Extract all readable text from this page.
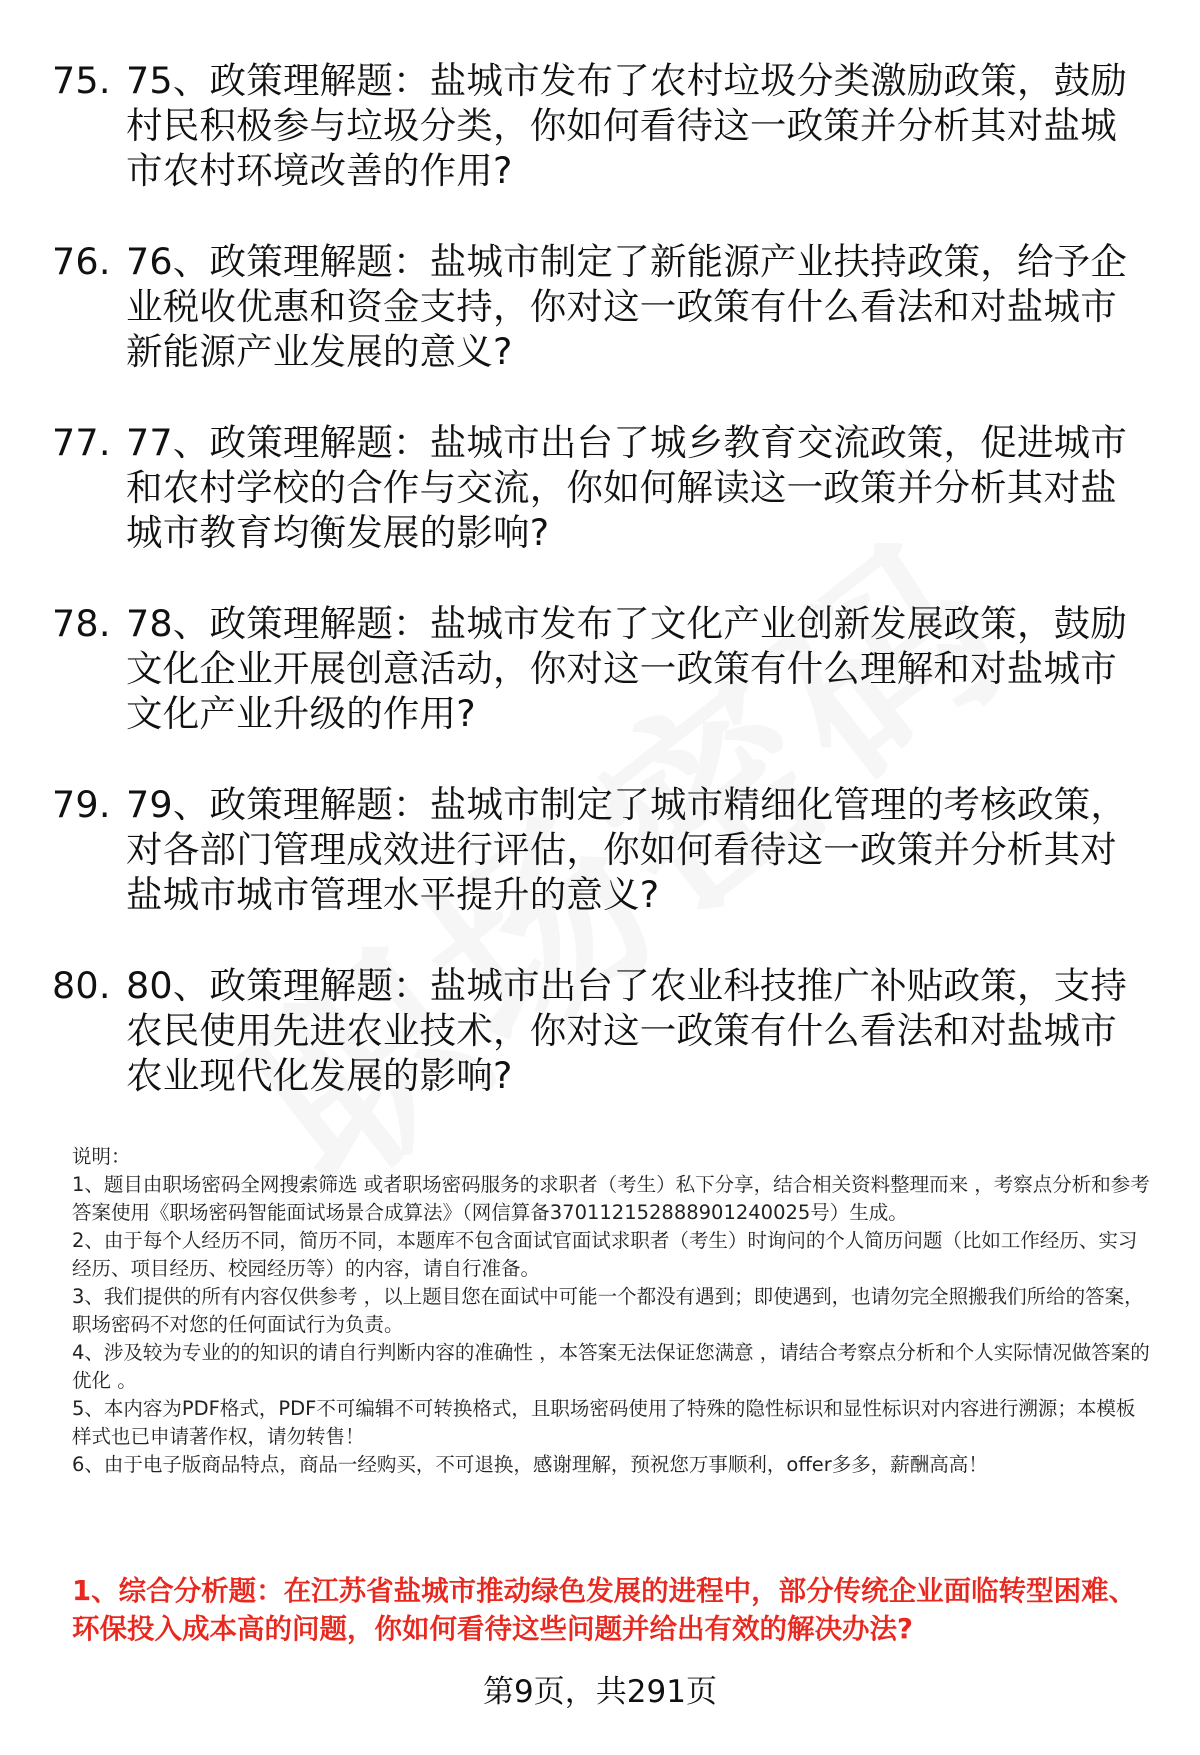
75. 75、政策理解题：盐城市发布了农村垃圾分类激励政策，鼓励村民积极参与垃圾分类，你如何看待这一政策并分析其对盐城市农村环境改善的作用?
76. 76、政策理解题：盐城市制定了新能源产业扶持政策，给予企业税收优惠和资金支持，你对这一政策有什么看法和对盐城市新能源产业发展的意义?
77. 77、政策理解题：盐城市出台了城乡教育交流政策，促进城市和农村学校的合作与交流，你如何解读这一政策并分析其对盐城市教育均衡发展的影响?
78. 78、政策理解题：盐城市发布了文化产业创新发展政策，鼓励文化企业开展创意活动，你对这一政策有什么理解和对盐城市文化产业升级的作用?
79. 79、政策理解题：盐城市制定了城市精细化管理的考核政策，对各部门管理成效进行评估，你如何看待这一政策并分析其对盐城市城市管理水平提升的意义?
80. 80、政策理解题：盐城市出台了农业科技推广补贴政策，支持农民使用先进农业技术，你对这一政策有什么看法和对盐城市农业现代化发展的影响?

说明：

1、题目由职场密码全网搜索筛选 或者职场密码服务的求职者（考生）私下分享，结合相关资料整理而来 ，考察点分析和参考答案使用《职场密码智能面试场景合成算法》（网信算备370112152888901240025号）生成。

2、由于每个人经历不同，简历不同，本题库不包含面试官面试求职者（考生）时询问的个人简历问题（比如工作经历、实习经历、项目经历、校园经历等）的内容，请自行准备。

3、我们提供的所有内容仅供参考 ，以上题目您在面试中可能一个都没有遇到；即使遇到，也请勿完全照搬我们所给的答案，职场密码不对您的任何面试行为负责。

4、涉及较为专业的的知识的请自行判断内容的准确性 ，本答案无法保证您满意 ，请结合考察点分析和个人实际情况做答案的优化 。

5、本内容为PDF格式，PDF不可编辑不可转换格式，且职场密码使用了特殊的隐性标识和显性标识对内容进行溯源；本模板样式也已申请著作权，请勿转售！

6、由于电子版商品特点，商品一经购买，不可退换，感谢理解，预祝您万事顺利，offer多多，薪酬高高！

1、综合分析题：在江苏省盐城市推动绿色发展的进程中，部分传统企业面临转型困难、环保投入成本高的问题，你如何看待这些问题并给出有效的解决办法?
第9页，共291页
